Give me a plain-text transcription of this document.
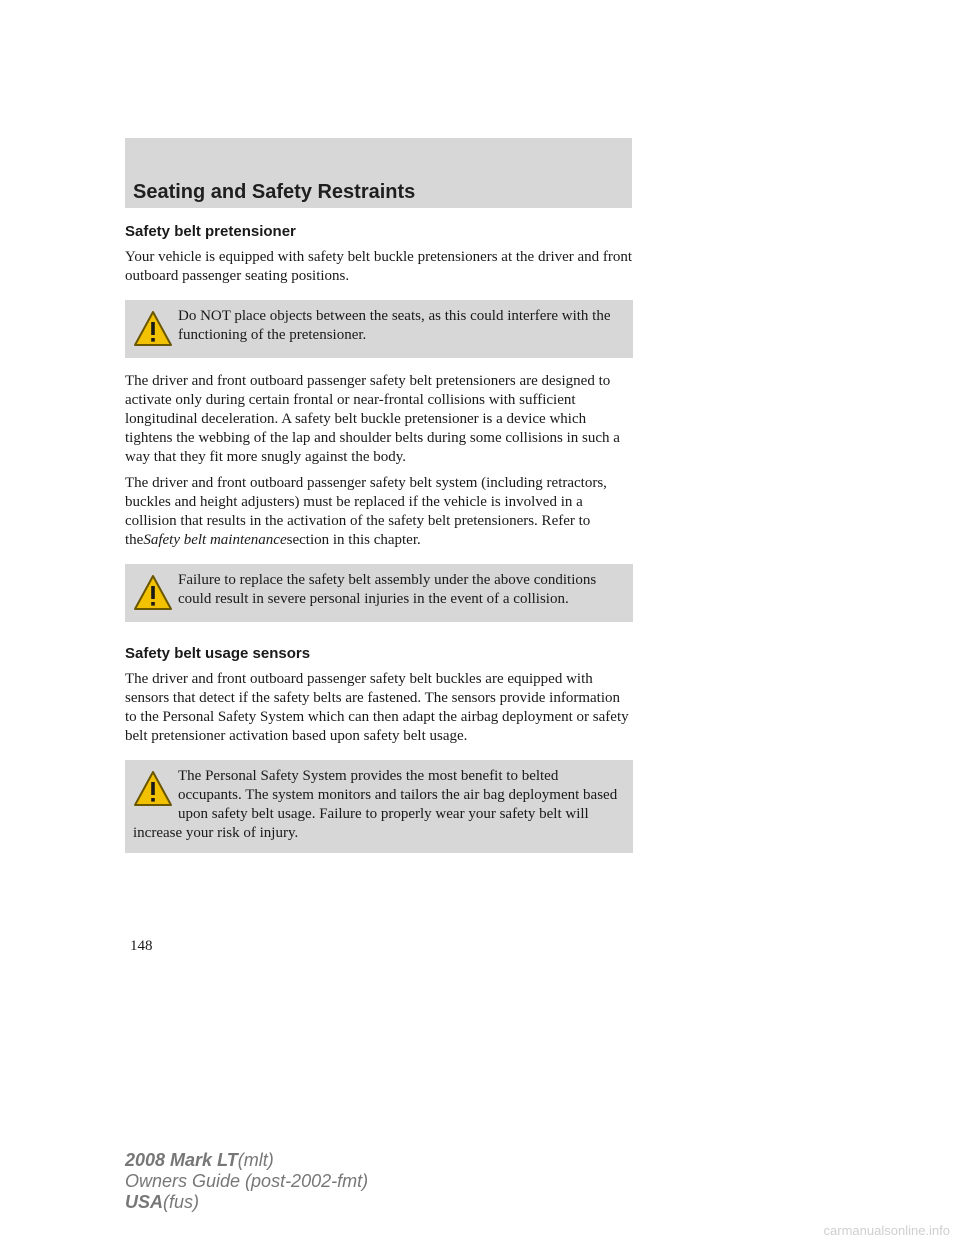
Seating and Safety Restraints
Safety belt pretensioner

Your vehicle is equipped with safety belt buckle pretensioners at the driver and front outboard passenger seating positions.

Do NOT place objects between the seats, as this could interfere with the functioning of the pretensioner.

The driver and front outboard passenger safety belt pretensioners are designed to activate only during certain frontal or near-frontal collisions with sufficient longitudinal deceleration. A safety belt buckle pretensioner is a device which tightens the webbing of the lap and shoulder belts during some collisions in such a way that they fit more snugly against the body.

The driver and front outboard passenger safety belt system (including retractors, buckles and height adjusters) must be replaced if the vehicle is involved in a collision that results in the activation of the safety belt pretensioners. Refer to theSafety belt maintenancesection in this chapter.

Failure to replace the safety belt assembly under the above conditions could result in severe personal injuries in the event of a collision.
Safety belt usage sensors

The driver and front outboard passenger safety belt buckles are equipped with sensors that detect if the safety belts are fastened. The sensors provide information to the Personal Safety System which can then adapt the airbag deployment or safety belt pretensioner activation based upon safety belt usage.

The Personal Safety System provides the most benefit to belted occupants. The system monitors and tailors the air bag deployment based upon safety belt usage. Failure to properly wear your safety belt will increase your risk of injury.
148
2008 Mark LT(mlt)
Owners Guide (post-2002-fmt)
USA(fus)
carmanualsonline.info
